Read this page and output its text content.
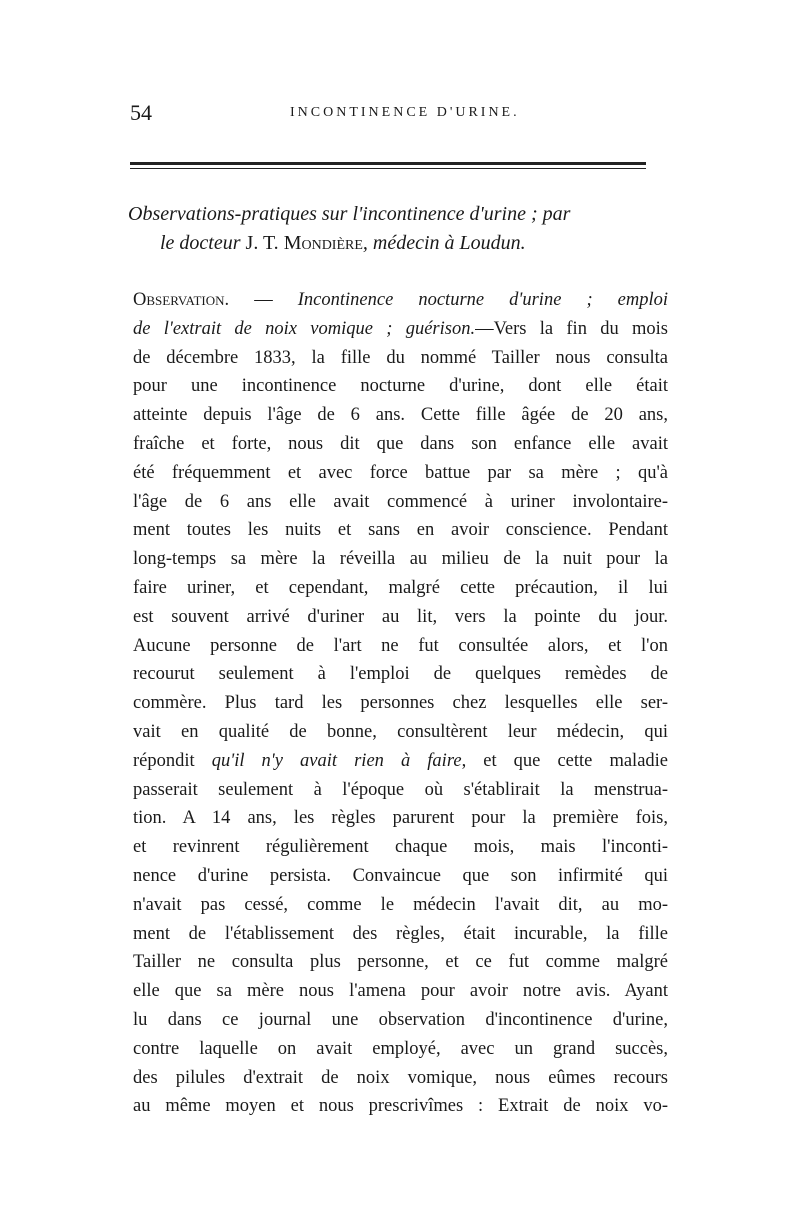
54	INCONTINENCE D'URINE.
Observations-pratiques sur l'incontinence d'urine ; par
le docteur J. T. Mondière, médecin à Loudun.
Observation. — Incontinence nocturne d'urine ; emploi
de l'extrait de noix vomique ; guérison.—Vers la fin du mois
de décembre 1833, la fille du nommé Tailler nous consulta
pour une incontinence nocturne d'urine, dont elle était
atteinte depuis l'âge de 6 ans. Cette fille âgée de 20 ans,
fraîche et forte, nous dit que dans son enfance elle avait
été fréquemment et avec force battue par sa mère ; qu'à
l'âge de 6 ans elle avait commencé à uriner involontaire-
ment toutes les nuits et sans en avoir conscience. Pendant
long-temps sa mère la réveilla au milieu de la nuit pour la
faire uriner, et cependant, malgré cette précaution, il lui
est souvent arrivé d'uriner au lit, vers la pointe du jour.
Aucune personne de l'art ne fut consultée alors, et l'on
recourut seulement à l'emploi de quelques remèdes de
commère. Plus tard les personnes chez lesquelles elle ser-
vait en qualité de bonne, consultèrent leur médecin, qui
répondit qu'il n'y avait rien à faire, et que cette maladie
passerait seulement à l'époque où s'établirait la menstrua-
tion. A 14 ans, les règles parurent pour la première fois,
et revinrent régulièrement chaque mois, mais l'inconti-
nence d'urine persista. Convaincue que son infirmité qui
n'avait pas cessé, comme le médecin l'avait dit, au mo-
ment de l'établissement des règles, était incurable, la fille
Tailler ne consulta plus personne, et ce fut comme malgré
elle que sa mère nous l'amena pour avoir notre avis. Ayant
lu dans ce journal une observation d'incontinence d'urine,
contre laquelle on avait employé, avec un grand succès,
des pilules d'extrait de noix vomique, nous eûmes recours
au même moyen et nous prescrivîmes : Extrait de noix vo-
